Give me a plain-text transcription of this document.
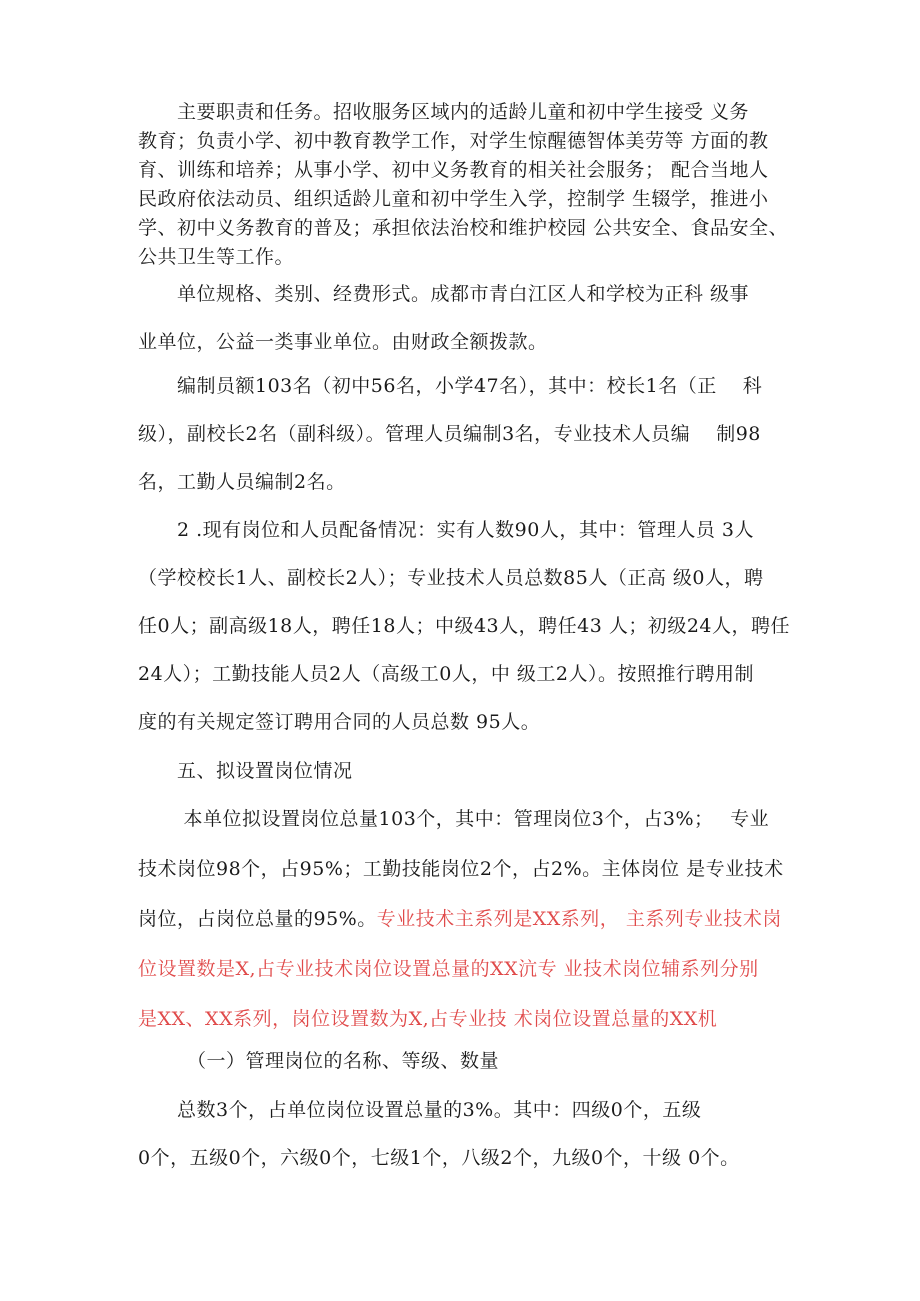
　　主要职责和任务。招收服务区域内的适龄儿童和初中学生接受 义务
教育；负责小学、初中教育教学工作，对学生惊醒德智体美劳等 方面的教
育、训练和培养；从事小学、初中义务教育的相关社会服务； 配合当地人
民政府依法动员、组织适龄儿童和初中学生入学，控制学 生辍学，推进小
学、初中义务教育的普及；承担依法治校和维护校园 公共安全、食品安全、
公共卫生等工作。
　　单位规格、类别、经费形式。成都市青白江区人和学校为正科 级事
业单位，公益一类事业单位。由财政全额拨款。
　　编制员额103名（初中56名，小学47名），其中：校长1名（正　 科
级），副校长2名（副科级）。管理人员编制3名，专业技术人员编　 制98
名，工勤人员编制2名。
　　2 .现有岗位和人员配备情况：实有人数90人，其中：管理人员 3人
（学校校长1人、副校长2人）；专业技术人员总数85人（正高 级0人，聘
任0人；副高级18人，聘任18人；中级43人，聘任43 人；初级24人，聘任
24人）；工勤技能人员2人（高级工0人，中 级工2人）。按照推行聘用制
度的有关规定签订聘用合同的人员总数 95人。
　　五、拟设置岗位情况
　　 本单位拟设置岗位总量103个，其中：管理岗位3个，占3%；　 专业
技术岗位98个，占95%；工勤技能岗位2个，占2%。主体岗位 是专业技术
岗位，占岗位总量的95%。专业技术主系列是XX系列， 主系列专业技术岗
位设置数是X,占专业技术岗位设置总量的XX沆专 业技术岗位辅系列分别
是XX、XX系列，岗位设置数为X,占专业技 术岗位设置总量的XX机
　　　（一）管理岗位的名称、等级、数量
　　总数3个，占单位岗位设置总量的3%。其中：四级0个，五级
0个，五级0个，六级0个，七级1个，八级2个，九级0个，十级 0个。
